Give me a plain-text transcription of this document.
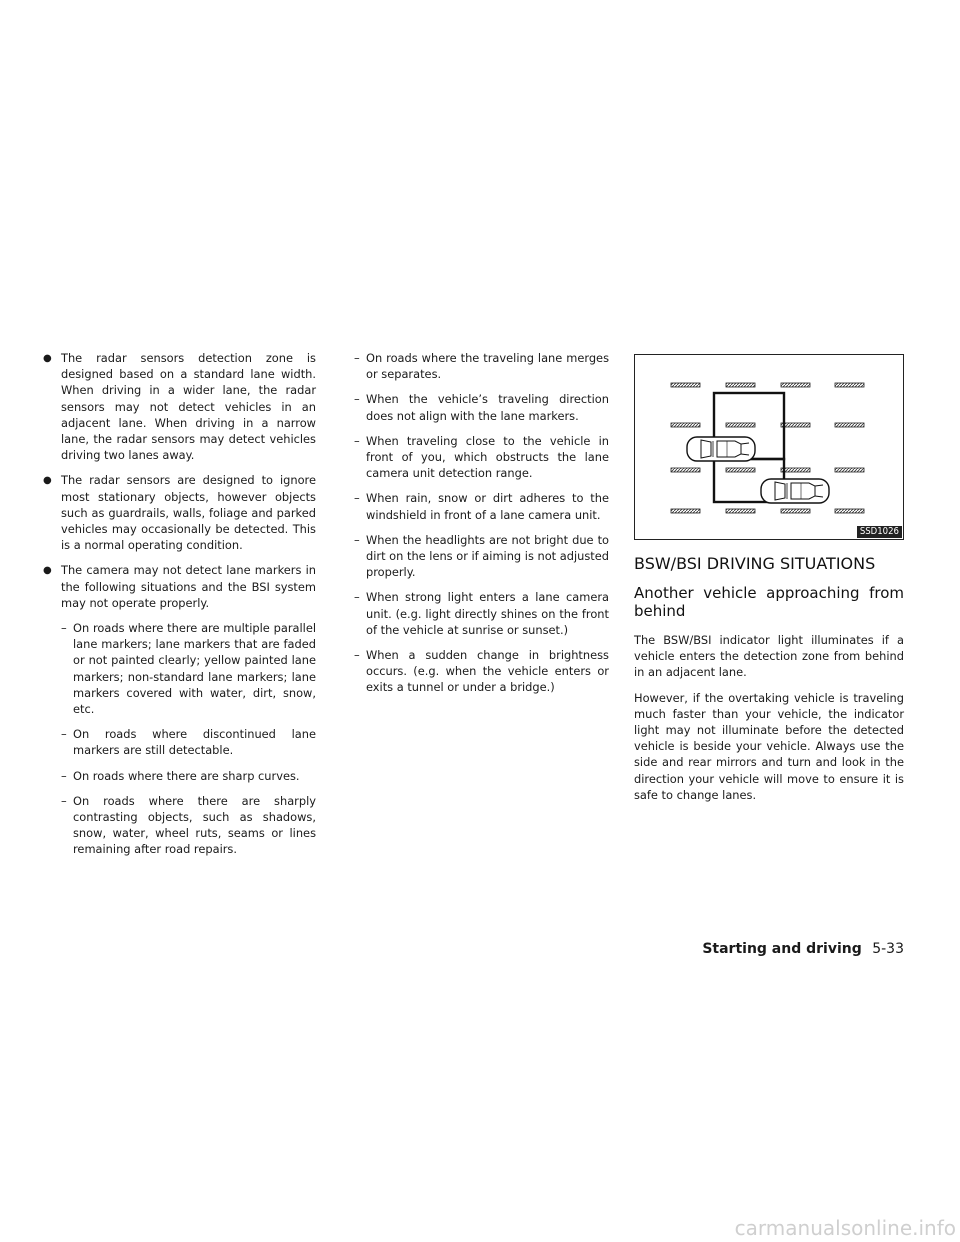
● The radar sensors detection zone is designed based on a standard lane width. When driving in a wider lane, the radar sensors may not detect vehicles in an adjacent lane. When driving in a narrow lane, the radar sensors may detect vehicles driving two lanes away.
● The radar sensors are designed to ignore most stationary objects, however objects such as guardrails, walls, foliage and parked vehicles may occasionally be detected. This is a normal operating condition.
● The camera may not detect lane markers in the following situations and the BSI system may not operate properly.
– On roads where there are multiple parallel lane markers; lane markers that are faded or not painted clearly; yellow painted lane markers; non-standard lane markers; lane markers covered with water, dirt, snow, etc.
– On roads where discontinued lane markers are still detectable.
– On roads where there are sharp curves.
– On roads where there are sharply contrasting objects, such as shadows, snow, water, wheel ruts, seams or lines remaining after road repairs.
– On roads where the traveling lane merges or separates.
– When the vehicle’s traveling direction does not align with the lane markers.
– When traveling close to the vehicle in front of you, which obstructs the lane camera unit detection range.
– When rain, snow or dirt adheres to the windshield in front of a lane camera unit.
– When the headlights are not bright due to dirt on the lens or if aiming is not adjusted properly.
– When strong light enters a lane camera unit. (e.g. light directly shines on the front of the vehicle at sunrise or sunset.)
– When a sudden change in brightness occurs. (e.g. when the vehicle enters or exits a tunnel or under a bridge.)
SSD1026
BSW/BSI DRIVING SITUATIONS
Another vehicle approaching from behind

The BSW/BSI indicator light illuminates if a vehicle enters the detection zone from behind in an adjacent lane.

However, if the overtaking vehicle is traveling much faster than your vehicle, the indicator light may not illuminate before the detected vehicle is beside your vehicle. Always use the side and rear mirrors and turn and look in the direction your vehicle will move to ensure it is safe to change lanes.

Starting and driving 5-33
carmanualsonline.info
